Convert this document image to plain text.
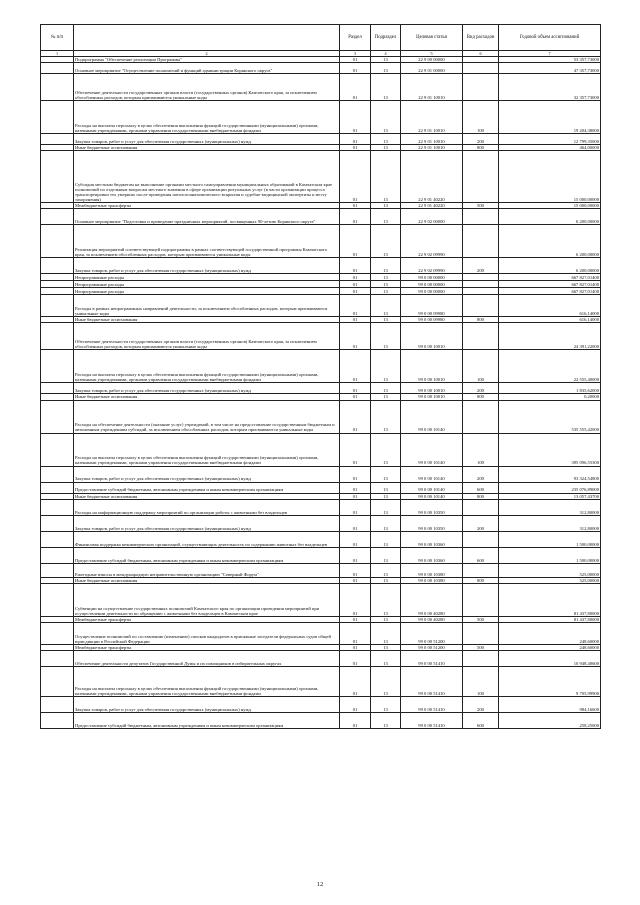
№ п/п		Раздел	Подраздел	Целевая статья	Вид расходов	Годовой объем ассигнований
1	2	3	4	5	6	7
	Подпрограмма "Обеспечение реализации Программы"	01	13	22 9 00 00000		53 357,73000
	Основное мероприятие "Осуществление полномочий и функций администрации Корякского округа"	01	13	22 9 01 00000		47 357,73000
	Обеспечение деятельности государственных органов власти (государственных органов) Камчатского края, за исключением обособленных расходов, которым присваиваются уникальные коды	01	13	22 9 01 10010		32 357,73000
	Расходы на выплаты персоналу в целях обеспечения выполнения функций государственными (муниципальными) органами, казенными учреждениями, органами управления государственными внебюджетными фондами	01	13	22 9 01 10010	100	19 204,38000
	Закупка товаров, работ и услуг для обеспечения государственных (муниципальных) нужд	01	13	22 9 01 10010	200	12 799,35000
	Иные бюджетные ассигнования	01	13	22 9 01 10010	800	464,00000
	Субсидия местным бюджетам на выполнение органами местного самоуправления муниципальных образований в Камчатском крае полномочий по отдельным вопросам местного значения в сфере организации ритуальных услуг (в части организации процесса транспортировки тел умерших после проведения патологоанатомического вскрытия и судебно-медицинской экспертизы к месту захоронения)	01	13	22 9 01 40220		15 000,00000
	Межбюджетные трансферты	01	13	22 9 01 40220	500	15 000,00000
	Основное мероприятие "Подготовка и проведение праздничных мероприятий, посвященных 90-летию Корякского округа"	01	13	22 9 02 00000		6 200,00000
	Реализация мероприятий соответствующей подпрограммы в рамках соответствующей государственной программы Камчатского края, за исключением обособленных расходов, которым присваиваются уникальные коды	01	13	22 9 02 09990		6 200,00000
	Закупка товаров, работ и услуг для обеспечения государственных (муниципальных) нужд	01	13	22 9 02 09990	200	6 200,00000
	Непрограммные расходы	01	13	99 0 00 00000		667 827,01400
	Непрограммные расходы	01	13	99 0 00 00000		667 827,01400
	Непрограммные расходы	01	13	99 0 00 00000		667 827,01400
	Расходы в рамках непрограммных направлений деятельности, за исключением обособленных расходов, которым присваиваются уникальные коды	01	13	99 0 00 09980		616,14000
	Иные бюджетные ассигнования	01	13	99 0 00 09980	800	616,14000
	Обеспечение деятельности государственных органов власти (государственных органов) Камчатского края, за исключением обособленных расходов, которым присваиваются уникальные коды	01	13	99 0 00 10010		24 391,22000
	Расходы на выплаты персоналу в целях обеспечения выполнения функций государственными (муниципальными) органами, казенными учреждениями, органами управления государственными внебюджетными фондами	01	13	99 0 00 10010	100	22 555,40000
	Закупка товаров, работ и услуг для обеспечения государственных (муниципальных) нужд	01	13	99 0 00 10010	200	1 835,62000
	Иные бюджетные ассигнования	01	13	99 0 00 10010	800	0,20000
	Расходы на обеспечение деятельности (оказание услуг) учреждений, в том числе на предоставление государственным бюджетным и автономным учреждениям субсидий, за исключением обособленных расходов, которым присваиваются уникальные коды	01	13	99 0 00 10140		535 555,42000
	Расходы на выплаты персоналу в целях обеспечения выполнения функций государственными (муниципальными) органами, казенными учреждениями, органами управления государственными внебюджетными фондами	01	13	99 0 00 10140	100	395 096,55300
	Закупка товаров, работ и услуг для обеспечения государственных (муниципальных) нужд	01	13	99 0 00 10140	200	93 324,54800
	Предоставление субсидий бюджетным, автономным учреждениям и иным некоммерческим организациям	01	13	99 0 00 10140	600	235 076,89000
	Иные бюджетные ассигнования	01	13	99 0 00 10140	800	13 057,43700
	Расходы на информационную поддержку мероприятий по организации работы с животными без владельцев	01	13	99 0 00 10350		312,80000
	Закупка товаров, работ и услуг для обеспечения государственных (муниципальных) нужд	01	13	99 0 00 10350	200	312,80000
	Финансовая поддержка некоммерческих организаций, осуществляющих деятельность по содержанию животных без владельцев	01	13	99 0 00 10360		1 500,00000
	Предоставление субсидий бюджетным, автономным учреждениям и иным некоммерческим организациям	01	13	99 0 00 10360	600	1 500,00000
	Ежегодные взносы в международную неправительственную организацию "Северный Форум"	01	13	99 0 00 10380		525,00000
	Иные бюджетные ассигнования	01	13	99 0 00 10380	800	525,00000
	Субвенции на осуществление государственных полномочий Камчатского края по организации проведения мероприятий при осуществлении деятельности по обращению с животными без владельцев в Камчатском крае	01	13	99 0 00 40280		81 437,80000
	Межбюджетные трансферты	01	13	99 0 00 40280	500	81 437,80000
	Осуществление полномочий по составлению (изменению) списков кандидатов в присяжные заседатели федеральных судов общей юрисдикции в Российской Федерации	01	13	99 0 00 51200		248,60000
	Межбюджетные трансферты	01	13	99 0 00 51200	500	248,60000
	Обеспечение деятельности депутатов Государственной Думы и их помощников в избирательных округах	01	13	99 0 00 51410		10 948,40600
	Расходы на выплаты персоналу в целях обеспечения выполнения функций государственными (муниципальными) органами, казенными учреждениями, органами управления государственными внебюджетными фондами	01	13	99 0 00 51410	100	9 705,99900
	Закупка товаров, работ и услуг для обеспечения государственных (муниципальных) нужд	01	13	99 0 00 51410	200	984,16600
	Предоставление субсидий бюджетным, автономным учреждениям и иным некоммерческим организациям	01	13	99 0 00 51410	600	258,25000
12
